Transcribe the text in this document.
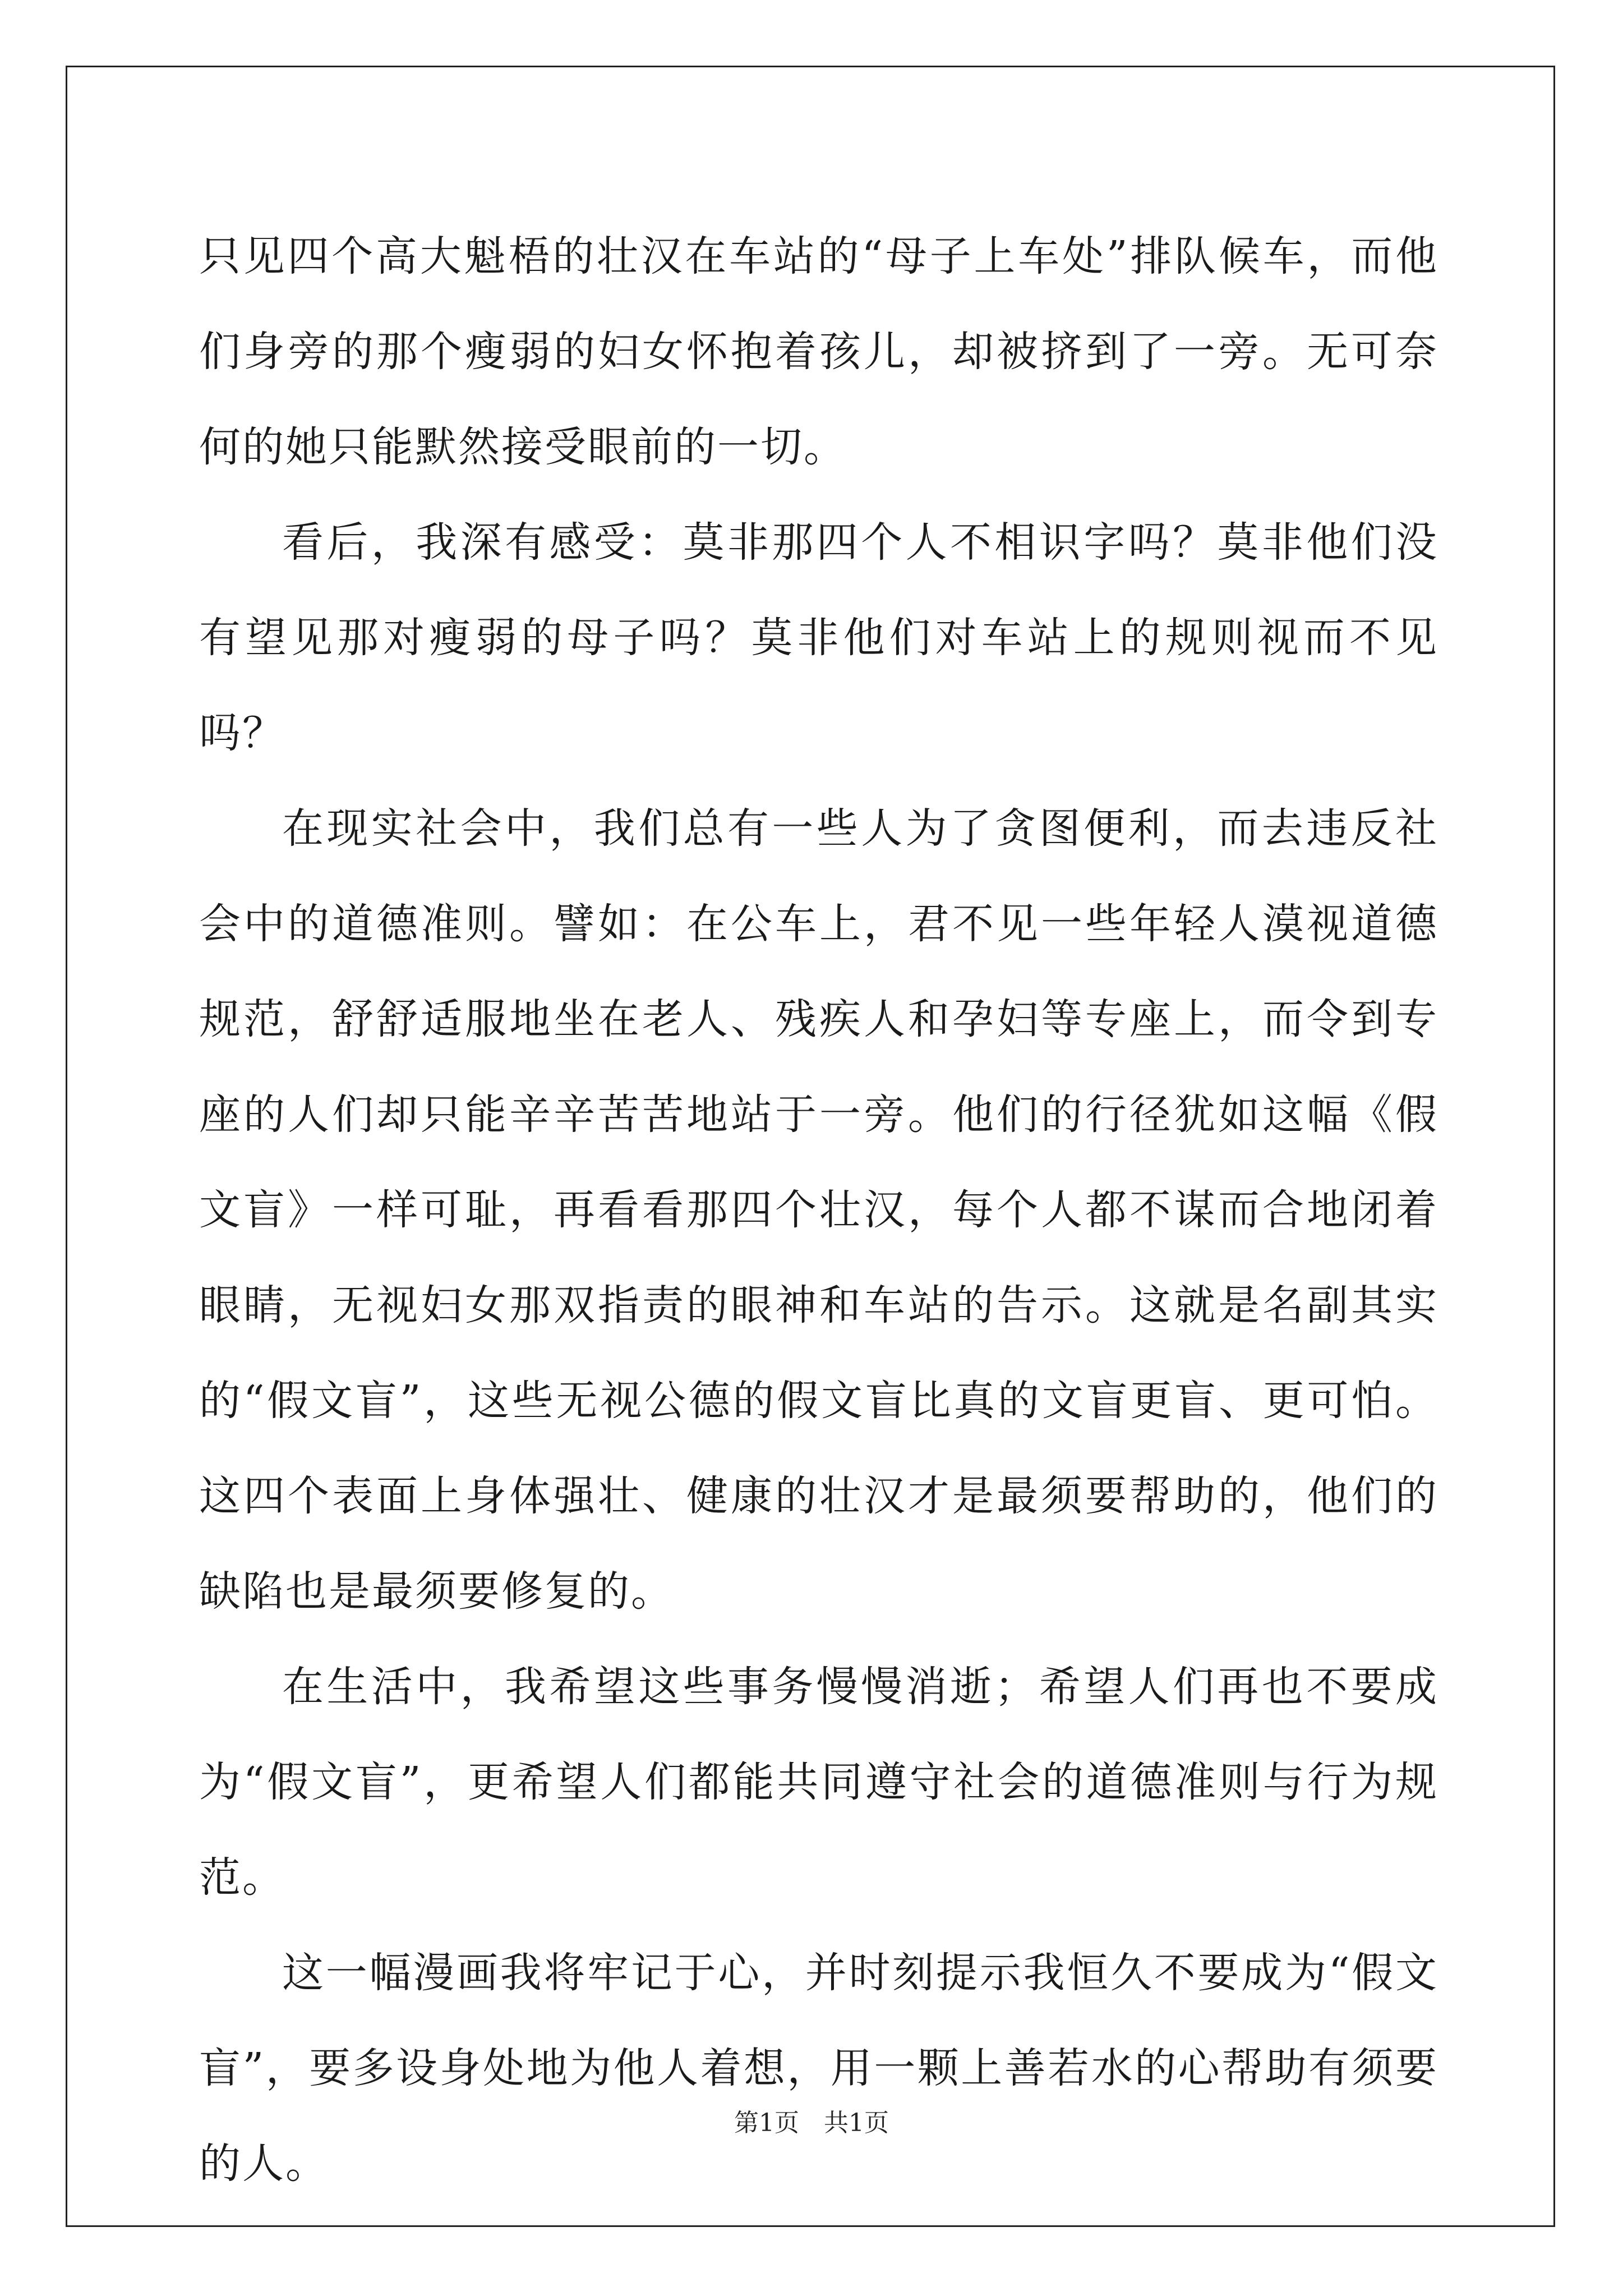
只见四个高大魁梧的壮汉在车站的“母子上车处”排队候车，而他们身旁的那个瘦弱的妇女怀抱着孩儿，却被挤到了一旁。无可奈何的她只能默然接受眼前的一切。

看后，我深有感受：莫非那四个人不相识字吗？莫非他们没有望见那对瘦弱的母子吗？莫非他们对车站上的规则视而不见吗？

在现实社会中，我们总有一些人为了贪图便利，而去违反社会中的道德准则。譬如：在公车上，君不见一些年轻人漠视道德规范，舒舒适服地坐在老人、残疾人和孕妇等专座上，而令到专座的人们却只能辛辛苦苦地站于一旁。他们的行径犹如这幅《假文盲》一样可耻，再看看那四个壮汉，每个人都不谋而合地闭着眼睛，无视妇女那双指责的眼神和车站的告示。这就是名副其实的“假文盲”，这些无视公德的假文盲比真的文盲更盲、更可怕。这四个表面上身体强壮、健康的壮汉才是最须要帮助的，他们的缺陷也是最须要修复的。

在生活中，我希望这些事务慢慢消逝；希望人们再也不要成为“假文盲”，更希望人们都能共同遵守社会的道德准则与行为规范。

这一幅漫画我将牢记于心，并时刻提示我恒久不要成为“假文盲”，要多设身处地为他人着想，用一颗上善若水的心帮助有须要的人。

第1页　共1页
